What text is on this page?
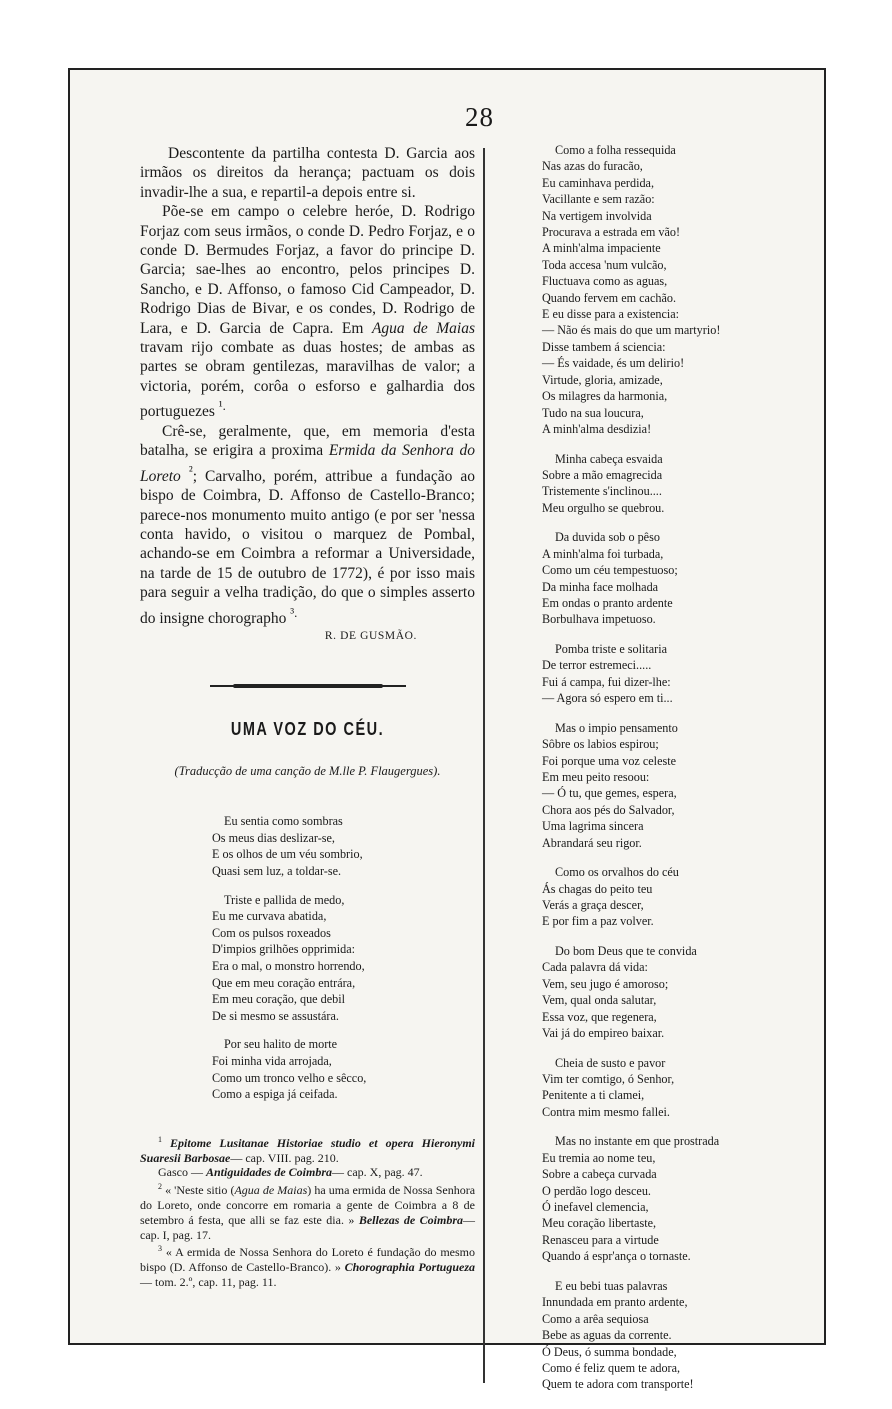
28

Descontente da partilha contesta D. Garcia aos irmãos os direitos da herança; pactuam os dois invadir-lhe a sua, e repartil-a depois entre si.

Põe-se em campo o celebre heróe, D. Rodrigo Forjaz com seus irmãos, o conde D. Pedro Forjaz, e o conde D. Bermudes Forjaz, a favor do principe D. Garcia; sae-lhes ao encontro, pelos principes D. Sancho, e D. Affonso, o famoso Cid Campeador, D. Rodrigo Dias de Bivar, e os condes, D. Rodrigo de Lara, e D. Garcia de Capra. Em Agua de Maias travam rijo combate as duas hostes; de ambas as partes se obram gentilezas, maravilhas de valor; a victoria, porém, corôa o esforso e galhardia dos portuguezes $^{^1.}$

Crê-se, geralmente, que, em memoria d'esta batalha, se erigira a proxima Ermida da Senhora do Loreto $^{^2}$; Carvalho, porém, attribue a fundação ao bispo de Coimbra, D. Affonso de Castello-Branco; parece-nos monumento muito antigo (e por ser 'nessa conta havido, o visitou o marquez de Pombal, achando-se em Coimbra a reformar a Universidade, na tarde de 15 de outubro de 1772), é por isso mais para seguir a velha tradição, do que o simples asserto do insigne chorographo $^{^3.}$

R. DE GUSMÃO.
UMA VOZ DO CÉU.
(Traducção de uma canção de M.lle P. Flaugergues).
Eu sentia como sombras
Os meus dias deslizar-se,
E os olhos de um véu sombrio,
Quasi sem luz, a toldar-se.
Triste e pallida de medo,
Eu me curvava abatida,
Com os pulsos roxeados
D'impios grilhões opprimida:
Era o mal, o monstro horrendo,
Que em meu coração entrára,
Em meu coração, que debil
De si mesmo se assustára.
Por seu halito de morte
Foi minha vida arrojada,
Como um tronco velho e sêcco,
Como a espiga já ceifada.

$^1$ Epitome Lusitanae Historiae studio et opera Hieronymi Suaresii Barbosae— cap. VIII. pag. 210.

Gasco — Antiguidades de Coimbra— cap. X, pag. 47.

$^2$ « 'Neste sitio (Agua de Maias) ha uma ermida de Nossa Senhora do Loreto, onde concorre em romaria a gente de Coimbra a 8 de setembro á festa, que alli se faz este dia. » Bellezas de Coimbra— cap. I, pag. 17.

$^3$ « A ermida de Nossa Senhora do Loreto é fundação do mesmo bispo (D. Affonso de Castello-Branco). » Chorographia Portugueza— tom. 2.º, cap. 11, pag. 11.

Como a folha ressequida
Nas azas do furacão,
Eu caminhava perdida,
Vacillante e sem razão:
Na vertigem involvida
Procurava a estrada em vão!
A minh'alma impaciente
Toda accesa 'num vulcão,
Fluctuava como as aguas,
Quando fervem em cachão.
E eu disse para a existencia:
— Não és mais do que um martyrio!
Disse tambem á sciencia:
— És vaidade, és um delirio!
Virtude, gloria, amizade,
Os milagres da harmonia,
Tudo na sua loucura,
A minh'alma desdizia!
Minha cabeça esvaida
Sobre a mão emagrecida
Tristemente s'inclinou....
Meu orgulho se quebrou.
Da duvida sob o pêso
A minh'alma foi turbada,
Como um céu tempestuoso;
Da minha face molhada
Em ondas o pranto ardente
Borbulhava impetuoso.
Pomba triste e solitaria
De terror estremeci.....
Fui á campa, fui dizer-lhe:
— Agora só espero em ti...
Mas o impio pensamento
Sôbre os labios espirou;
Foi porque uma voz celeste
Em meu peito resoou:
— Ó tu, que gemes, espera,
Chora aos pés do Salvador,
Uma lagrima sincera
Abrandará seu rigor.
Como os orvalhos do céu
Ás chagas do peito teu
Verás a graça descer,
E por fim a paz volver.
Do bom Deus que te convida
Cada palavra dá vida:
Vem, seu jugo é amoroso;
Vem, qual onda salutar,
Essa voz, que regenera,
Vai já do empireo baixar.
Cheia de susto e pavor
Vim ter comtigo, ó Senhor,
Penitente a ti clamei,
Contra mim mesmo fallei.
Mas no instante em que prostrada
Eu tremia ao nome teu,
Sobre a cabeça curvada
O perdão logo desceu.
Ó inefavel clemencia,
Meu coração libertaste,
Renasceu para a virtude
Quando á espr'ança o tornaste.
E eu bebi tuas palavras
Innundada em pranto ardente,
Como a arêa sequiosa
Bebe as aguas da corrente.
Ó Deus, ó summa bondade,
Como é feliz quem te adora,
Quem te adora com transporte!
